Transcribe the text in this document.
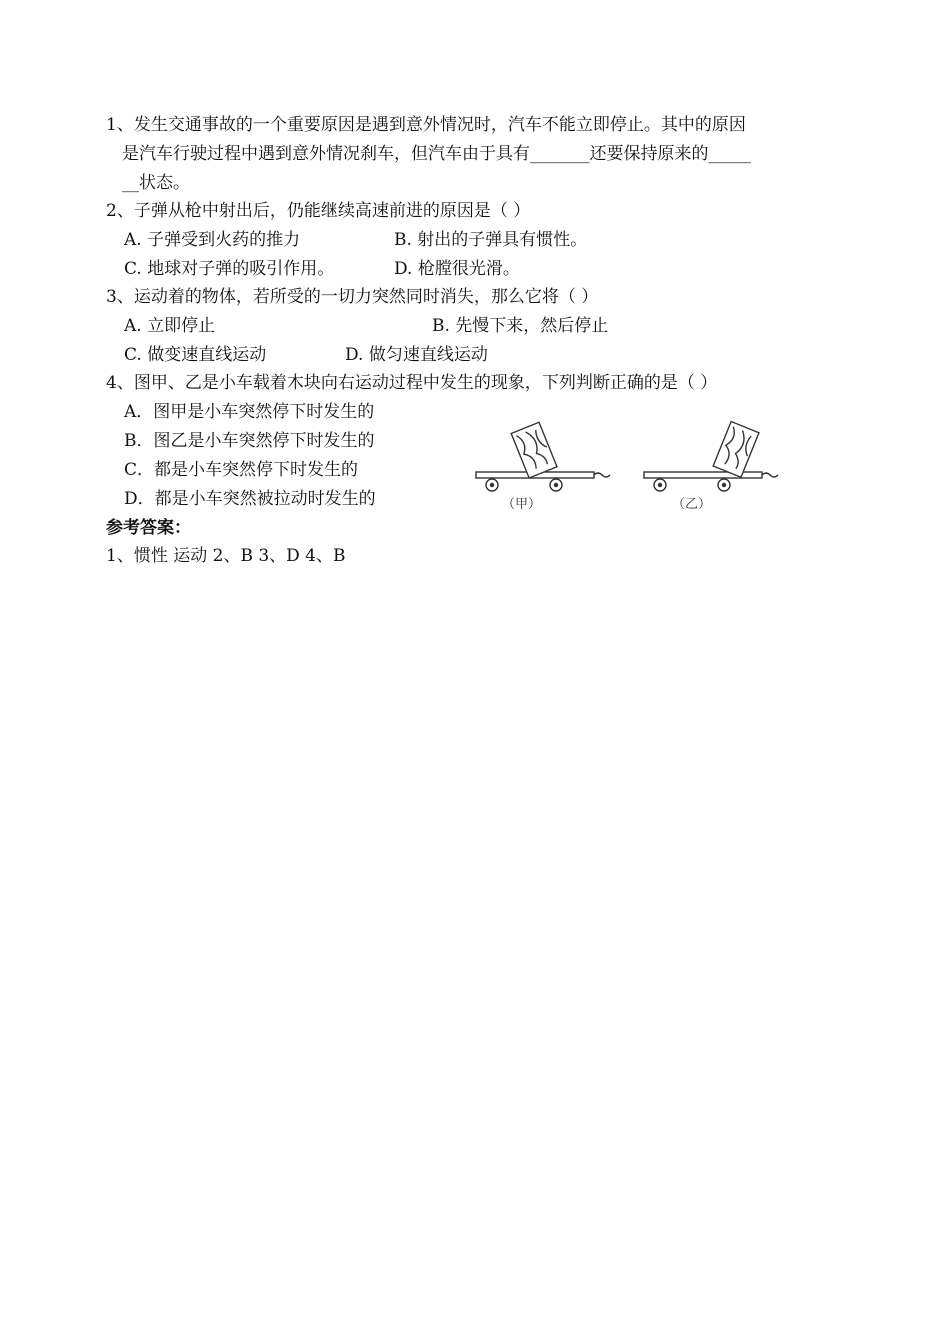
1、发生交通事故的一个重要原因是遇到意外情况时，汽车不能立即停止。其中的原因
是汽车行驶过程中遇到意外情况刹车，但汽车由于具有_______还要保持原来的_____
__状态。
2、子弹从枪中射出后，仍能继续高速前进的原因是（ ）
A. 子弹受到火药的推力	B. 射出的子弹具有惯性。
C. 地球对子弹的吸引作用。	D. 枪膛很光滑。
3、运动着的物体，若所受的一切力突然同时消失，那么它将（ ）
A. 立即停止	B. 先慢下来，然后停止
C. 做变速直线运动	D. 做匀速直线运动
4、图甲、乙是小车载着木块向右运动过程中发生的现象，下列判断正确的是（ ）
A．图甲是小车突然停下时发生的
B．图乙是小车突然停下时发生的
C．都是小车突然停下时发生的
D．都是小车突然被拉动时发生的	（甲）	（乙）
参考答案：
1、惯性 运动 2、B 3、D 4、B
